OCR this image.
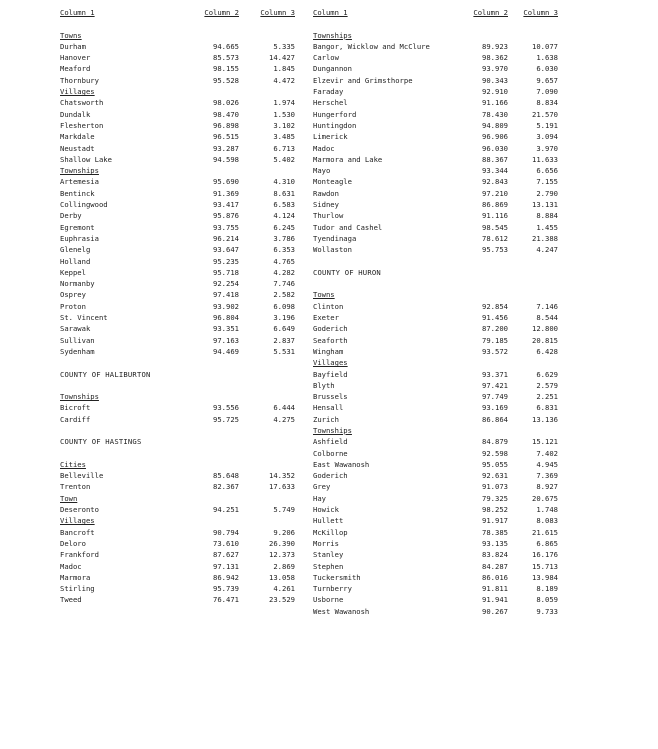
Column 1	Column 2	Column 3
Towns
Durham	94.665	5.335
Hanover	85.573	14.427
Meaford	98.155	1.845
Thornbury	95.528	4.472
Villages
Chatsworth	98.026	1.974
Dundalk	98.470	1.530
Flesherton	96.898	3.102
Markdale	96.515	3.485
Neustadt	93.287	6.713
Shallow Lake	94.598	5.402
Townships
Artemesia	95.690	4.310
Bentinck	91.369	8.631
Collingwood	93.417	6.583
Derby	95.876	4.124
Egremont	93.755	6.245
Euphrasia	96.214	3.786
Glenelg	93.647	6.353
Holland	95.235	4.765
Keppel	95.718	4.282
Normanby	92.254	7.746
Osprey	97.418	2.582
Proton	93.902	6.098
St. Vincent	96.804	3.196
Sarawak	93.351	6.649
Sullivan	97.163	2.837
Sydenham	94.469	5.531
COUNTY OF HALIBURTON
Townships
Bicroft	93.556	6.444
Cardiff	95.725	4.275
COUNTY OF HASTINGS
Cities
Belleville	85.648	14.352
Trenton	82.367	17.633
Town
Deseronto	94.251	5.749
Villages
Bancroft	90.794	9.206
Deloro	73.610	26.390
Frankford	87.627	12.373
Madoc	97.131	2.869
Marmora	86.942	13.058
Stirling	95.739	4.261
Tweed	76.471	23.529
Column 1	Column 2	Column 3
Townships
Bangor, Wicklow and McClure	89.923	10.077
Carlow	98.362	1.638
Dungannon	93.970	6.030
Elzevir and Grimsthorpe	90.343	9.657
Faraday	92.910	7.090
Herschel	91.166	8.834
Hungerford	78.430	21.570
Huntingdon	94.809	5.191
Limerick	96.906	3.094
Madoc	96.030	3.970
Marmora and Lake	88.367	11.633
Mayo	93.344	6.656
Monteagle	92.843	7.155
Rawdon	97.210	2.790
Sidney	86.869	13.131
Thurlow	91.116	8.884
Tudor and Cashel	98.545	1.455
Tyendinaga	78.612	21.388
Wollaston	95.753	4.247
COUNTY OF HURON
Towns
Clinton	92.854	7.146
Exeter	91.456	8.544
Goderich	87.200	12.800
Seaforth	79.185	20.815
Wingham	93.572	6.428
Villages
Bayfield	93.371	6.629
Blyth	97.421	2.579
Brussels	97.749	2.251
Hensall	93.169	6.831
Zurich	86.864	13.136
Townships
Ashfield	84.879	15.121
Colborne	92.598	7.402
East Wawanosh	95.055	4.945
Goderich	92.631	7.369
Grey	91.073	8.927
Hay	79.325	20.675
Howick	98.252	1.748
Hullett	91.917	8.083
McKillop	78.385	21.615
Morris	93.135	6.865
Stanley	83.824	16.176
Stephen	84.287	15.713
Tuckersmith	86.016	13.984
Turnberry	91.811	8.189
Usborne	91.941	8.059
West Wawanosh	90.267	9.733
